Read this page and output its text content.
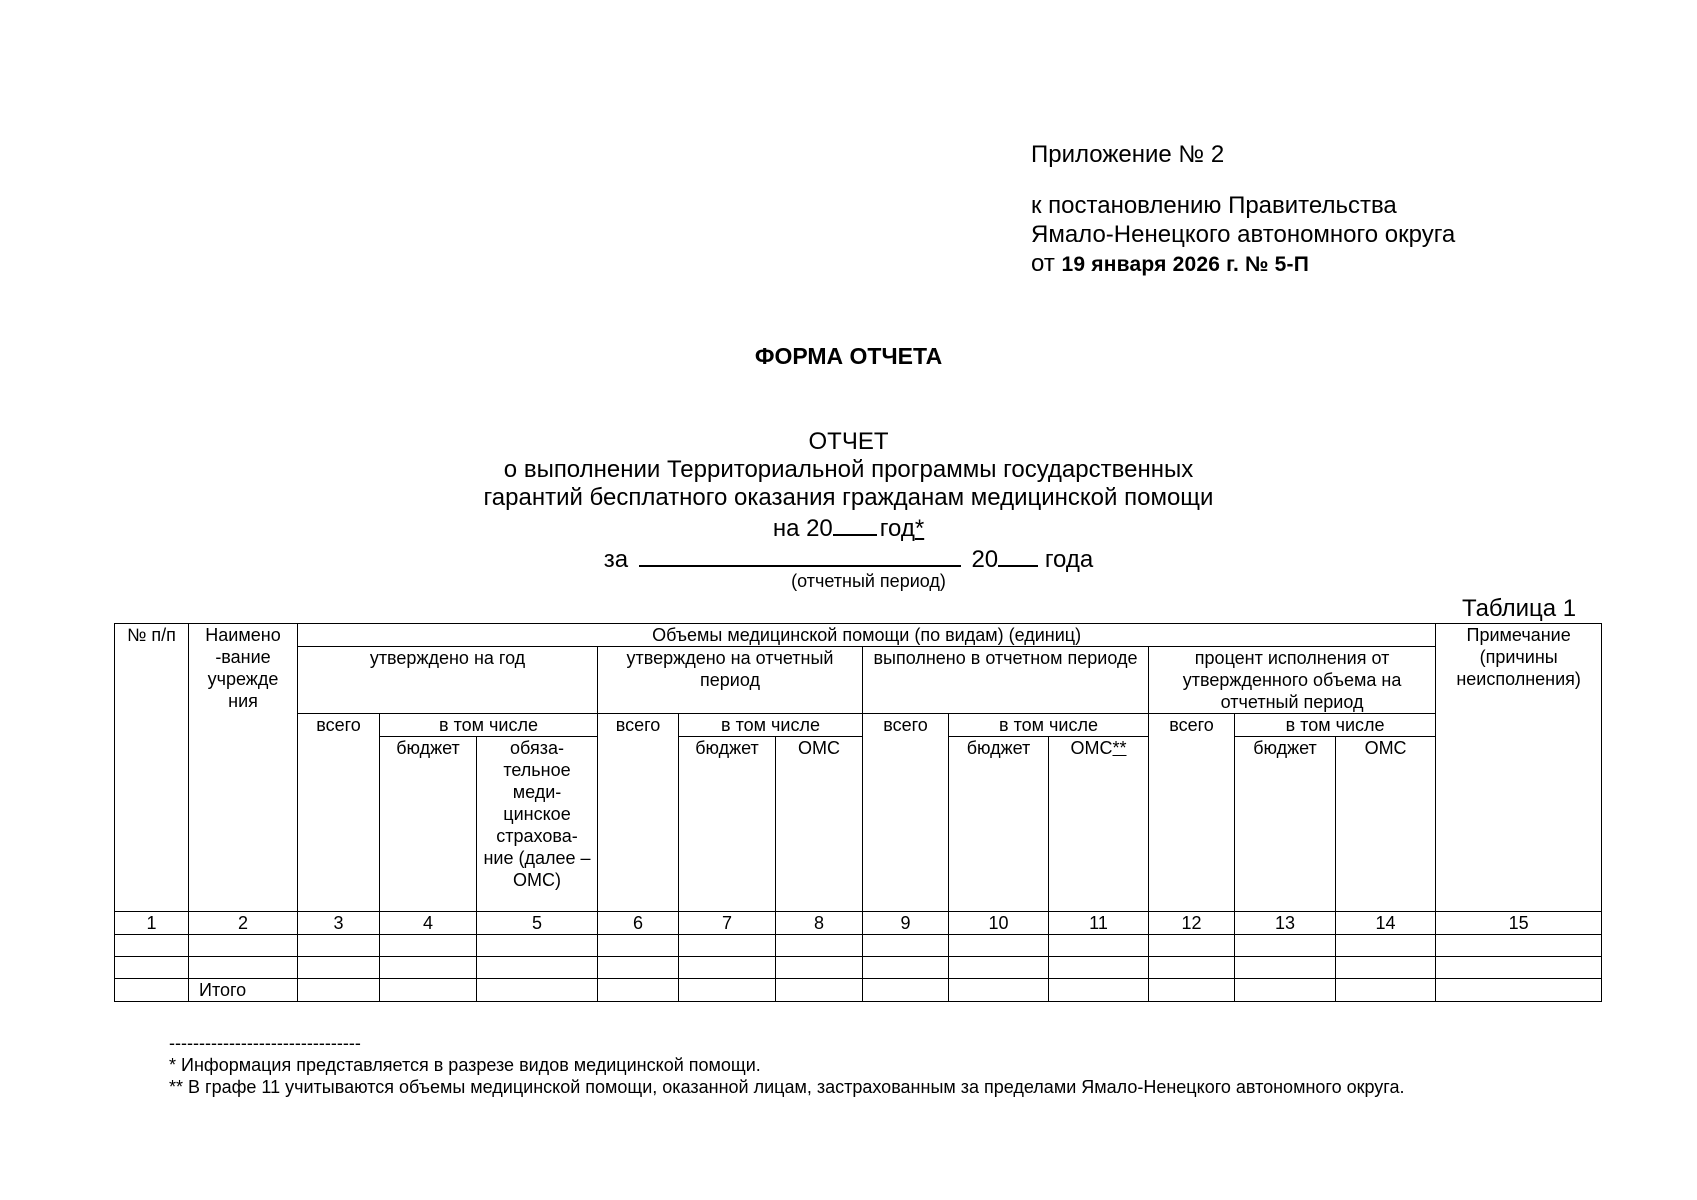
Приложение № 2
к постановлению Правительства
Ямало-Ненецкого автономного округа
от 19 января 2026 г. № 5-П
ФОРМА ОТЧЕТА
ОТЧЕТ
о выполнении Территориальной программы государственных
гарантий бесплатного оказания гражданам медицинской помощи
на 20 год*
за	20 года
(отчетный период)
Таблица 1
№ п/п	Наимено -вание учрежде ния	Объемы медицинской помощи (по видам) (единиц)												Примечание (причины неисполнения)
		утверждено на год			утверждено на отчетный период			выполнено в отчетном периоде			процент исполнения от утвержденного объема на отчетный период			
		всего	в том числе		всего	в том числе		всего	в том числе		всего	в том числе		
			бюджет	обяза- тельное меди- цинское страхова- ние (далее – ОМС)		бюджет	ОМС		бюджет	ОМС**		бюджет	ОМС	
1	2	3	4	5	6	7	8	9	10	11	12	13	14	15

	Итого													
--------------------------------
* Информация представляется в разрезе видов медицинской помощи.
** В графе 11 учитываются объемы медицинской помощи, оказанной лицам, застрахованным за пределами Ямало-Ненецкого автономного округа.
